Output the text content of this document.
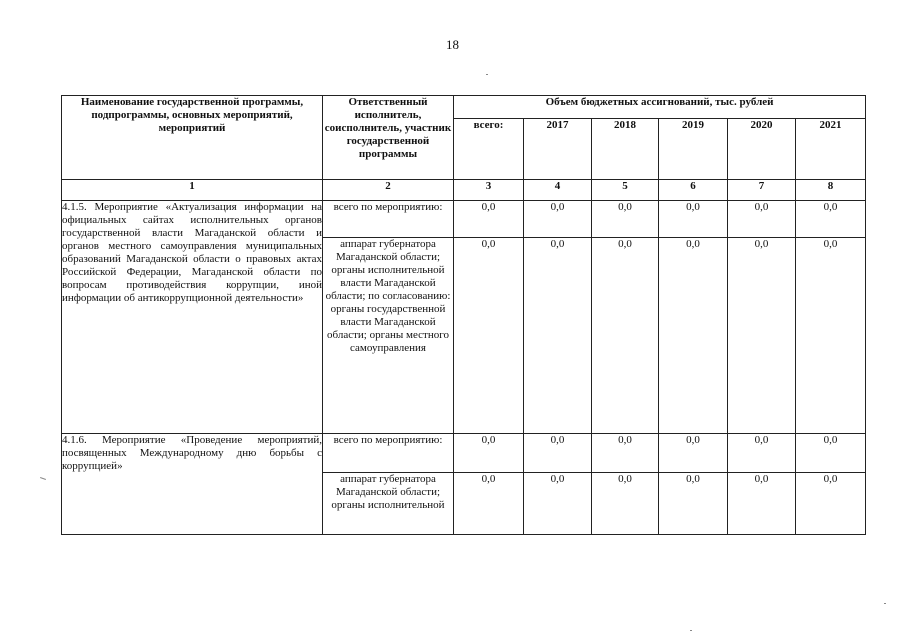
18
Наименование государственной программы, подпрограммы, основных мероприятий, мероприятий	Ответственный исполнитель, соисполнитель, участник государственной программы	Объем бюджетных ассигнований, тыс. рублей					
		всего:	2017	2018	2019	2020	2021
1	2	3	4	5	6	7	8
4.1.5. Мероприятие «Актуализация информации на официальных сайтах исполнительных органов государственной власти Магаданской области и органов местного самоуправления муниципальных образований Магаданской области о правовых актах Российской Федерации, Магаданской области по вопросам противодействия коррупции, иной информации об антикоррупционной деятельности»	всего по мероприятию:	0,0	0,0	0,0	0,0	0,0	0,0
	аппарат губернатора Магаданской области; органы исполнительной власти Магаданской области; по согласованию: органы государственной власти Магаданской области; органы местного самоуправления	0,0	0,0	0,0	0,0	0,0	0,0
4.1.6. Мероприятие «Проведение мероприятий, посвященных Международному дню борьбы с коррупцией»	всего по мероприятию:	0,0	0,0	0,0	0,0	0,0	0,0
	аппарат губернатора Магаданской области; органы исполнительной	0,0	0,0	0,0	0,0	0,0	0,0
